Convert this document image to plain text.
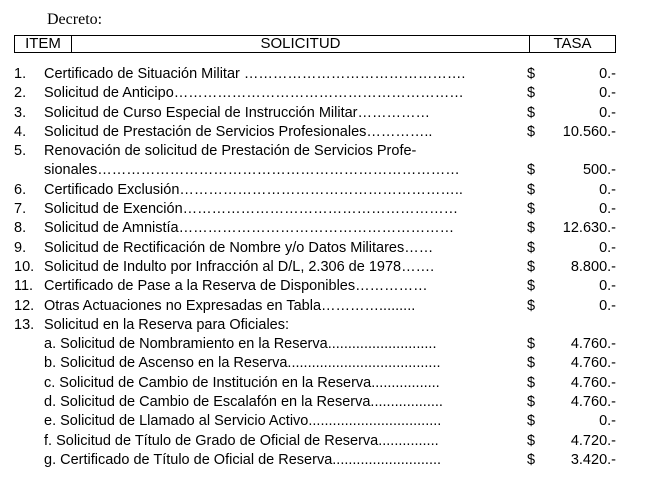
Decreto:
ITEM	SOLICITUD	TASA
1. Certificado de Situación Militar ……………………………………….	$	0.-
2. Solicitud de Anticipo……………………………………………………	$	0.-
3. Solicitud de Curso Especial de Instrucción Militar……………	$	0.-
4. Solicitud de Prestación de Servicios Profesionales…………..	$ 10.560.-
5. Renovación de solicitud de Prestación de Servicios Profe-
sionales…………………………………………………………………	$	500.-
6. Certificado Exclusión…………………………………………………..	$	0.-
7. Solicitud de Exención…………………………………………………	$	0.-
8. Solicitud de Amnistía…………………………………………………	$ 12.630.-
9. Solicitud de Rectificación de Nombre y/o Datos Militares……	$	0.-
10. Solicitud de Indulto por Infracción al D/L, 2.306 de 1978…….	$ 8.800.-
11. Certificado de Pase a la Reserva de Disponibles……………	$	0.-
12. Otras Actuaciones no Expresadas en Tabla………….........	$	0.-
13. Solicitud en la Reserva para Oficiales:
a. Solicitud de Nombramiento en la Reserva...........................	$ 4.760.-
b. Solicitud de Ascenso en la Reserva......................................	$ 4.760.-
c. Solicitud de Cambio de Institución en la Reserva.................	$ 4.760.-
d. Solicitud de Cambio de Escalafón en la Reserva..................	$ 4.760.-
e. Solicitud de Llamado al Servicio Activo.................................	$	0.-
f. Solicitud de Título de Grado de Oficial de Reserva...............	$ 4.720.-
g. Certificado de Título de Oficial de Reserva...........................	$ 3.420.-
